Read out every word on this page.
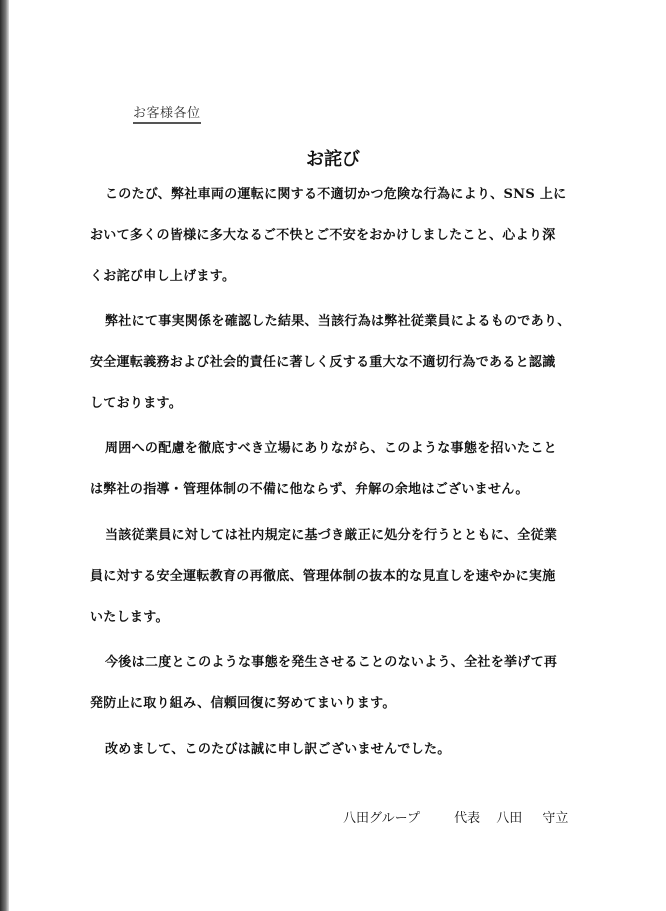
お客様各位
お詫び
このたび、弊社車両の運転に関する不適切かつ危険な行為により、SNS 上に
おいて多くの皆様に多大なるご不快とご不安をおかけしましたこと、心より深
くお詫び申し上げます。
弊社にて事実関係を確認した結果、当該行為は弊社従業員によるものであり、
安全運転義務および社会的責任に著しく反する重大な不適切行為であると認識
しております。
周囲への配慮を徹底すべき立場にありながら、このような事態を招いたこと
は弊社の指導・管理体制の不備に他ならず、弁解の余地はございません。
当該従業員に対しては社内規定に基づき厳正に処分を行うとともに、全従業
員に対する安全運転教育の再徹底、管理体制の抜本的な見直しを速やかに実施
いたします。
今後は二度とこのような事態を発生させることのないよう、全社を挙げて再
発防止に取り組み、信頼回復に努めてまいります。
改めまして、このたびは誠に申し訳ございませんでした。
八田グループ	代表 八田 守立
